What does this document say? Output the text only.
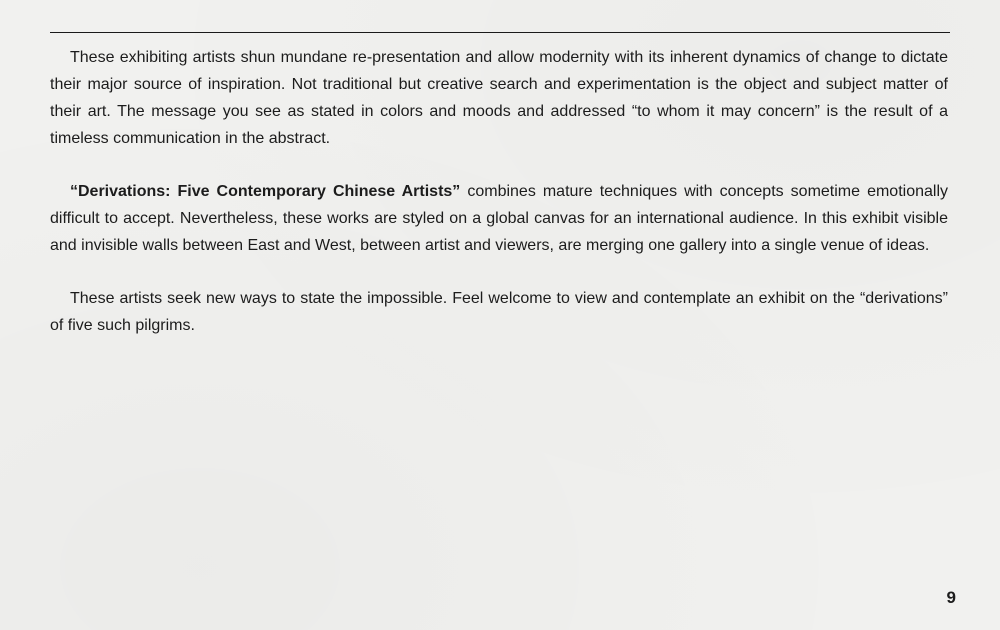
These exhibiting artists shun mundane re-presentation and allow modernity with its inherent dynamics of change to dictate their major source of inspiration. Not traditional but creative search and experimentation is the object and subject matter of their art. The message you see as stated in colors and moods and addressed “to whom it may concern” is the result of a timeless communication in the abstract.

“Derivations: Five Contemporary Chinese Artists” combines mature techniques with concepts sometime emotionally difficult to accept. Nevertheless, these works are styled on a global canvas for an international audience. In this exhibit visible and invisible walls between East and West, between artist and viewers, are merging one gallery into a single venue of ideas.

These artists seek new ways to state the impossible. Feel welcome to view and contemplate an exhibit on the “derivations” of five such pilgrims.

9
